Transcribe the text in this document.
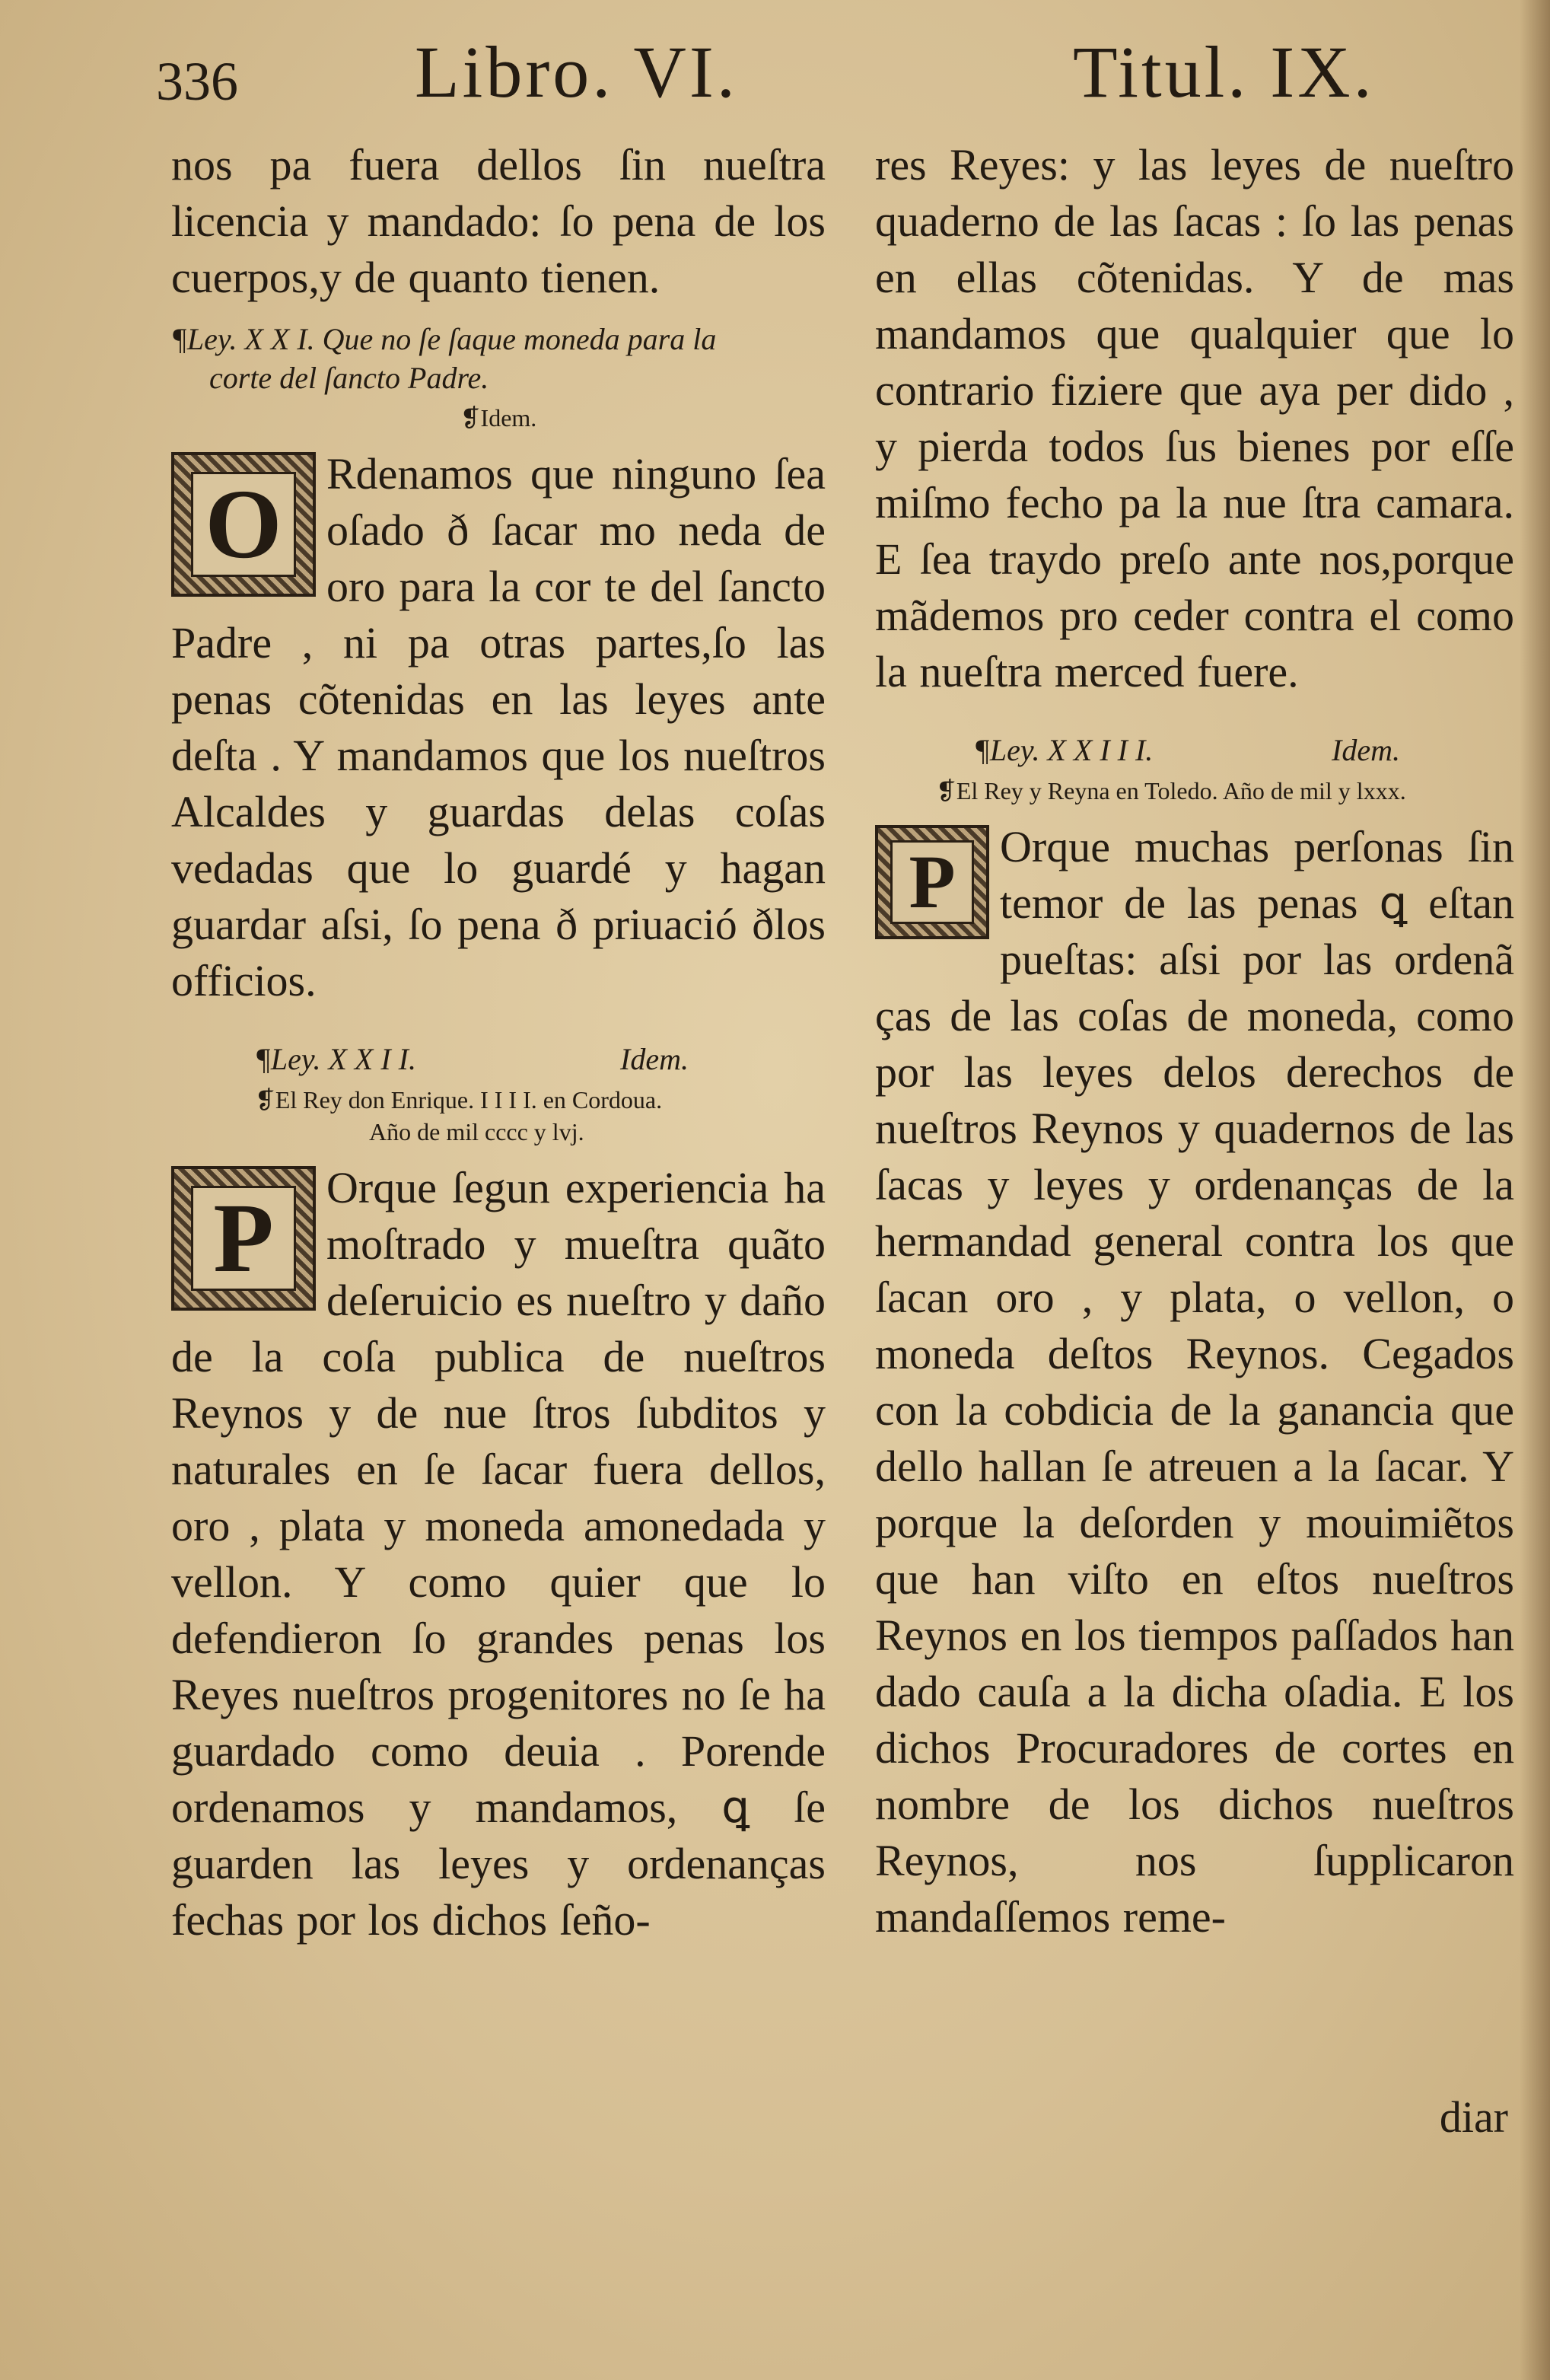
336 Libro. VI.	Titul. IX.

nos pa fuera dellos ſin nueſtra licencia y mandado: ſo pena de los cuerpos,y de quanto tienen.

¶Ley. X X I. Que no ſe ſaque moneda para la

corte del ſancto Padre.

❡Idem.

O	Rdenamos que ninguno ſea oſado ð ſacar mo neda de oro para la cor te del ſancto Padre , ni pa otras partes,ſo las penas cõtenidas en las leyes ante deſta . Y mandamos que los nueſtros Alcaldes y guardas delas coſas vedadas que lo guardé y hagan guardar aſsi, ſo pena ð priuació ðlos officios.

¶Ley. X X I I.	Idem.

❡El Rey don Enrique. I I I I. en Cordoua.

Año de mil cccc y lvj.

P	Orque ſegun experiencia ha moſtrado y mueſtra quãto deſeruicio es nueſtro y daño de la coſa publica de nueſtros Reynos y de nue ſtros ſubditos y naturales en ſe ſacar fuera dellos, oro , plata y moneda amonedada y vellon. Y como quier que lo defendieron ſo grandes penas los Reyes nueſtros progenitores no ſe ha guardado como deuia . Porende ordenamos y mandamos, ꝗ ſe guarden las leyes y ordenanças fechas por los dichos ſeño-

res Reyes: y las leyes de nueſtro quaderno de las ſacas : ſo las penas en ellas cõtenidas. Y de mas mandamos que qualquier que lo contrario fiziere que aya per dido , y pierda todos ſus bienes por eſſe miſmo fecho pa la nue ſtra camara. E ſea traydo preſo ante nos,porque mãdemos pro ceder contra el como la nueſtra merced fuere.

¶Ley. X X I I I.	Idem.

❡El Rey y Reyna en Toledo. Año de mil y lxxx.

P	Orque muchas perſonas ſin temor de las penas ꝗ eſtan pueſtas: aſsi por las ordenã ças de las coſas de moneda, como por las leyes delos derechos de nueſtros Reynos y quadernos de las ſacas y leyes y ordenanças de la hermandad general contra los que ſacan oro , y plata, o vellon, o moneda deſtos Reynos. Cegados con la cobdicia de la ganancia que dello hallan ſe atreuen a la ſacar. Y porque la deſorden y mouimiẽtos que han viſto en eſtos nueſtros Reynos en los tiempos paſſados han dado cauſa a la dicha oſadia. E los dichos Procuradores de cortes en nombre de los dichos nueſtros Reynos, nos ſupplicaron mandaſſemos reme-

diar
